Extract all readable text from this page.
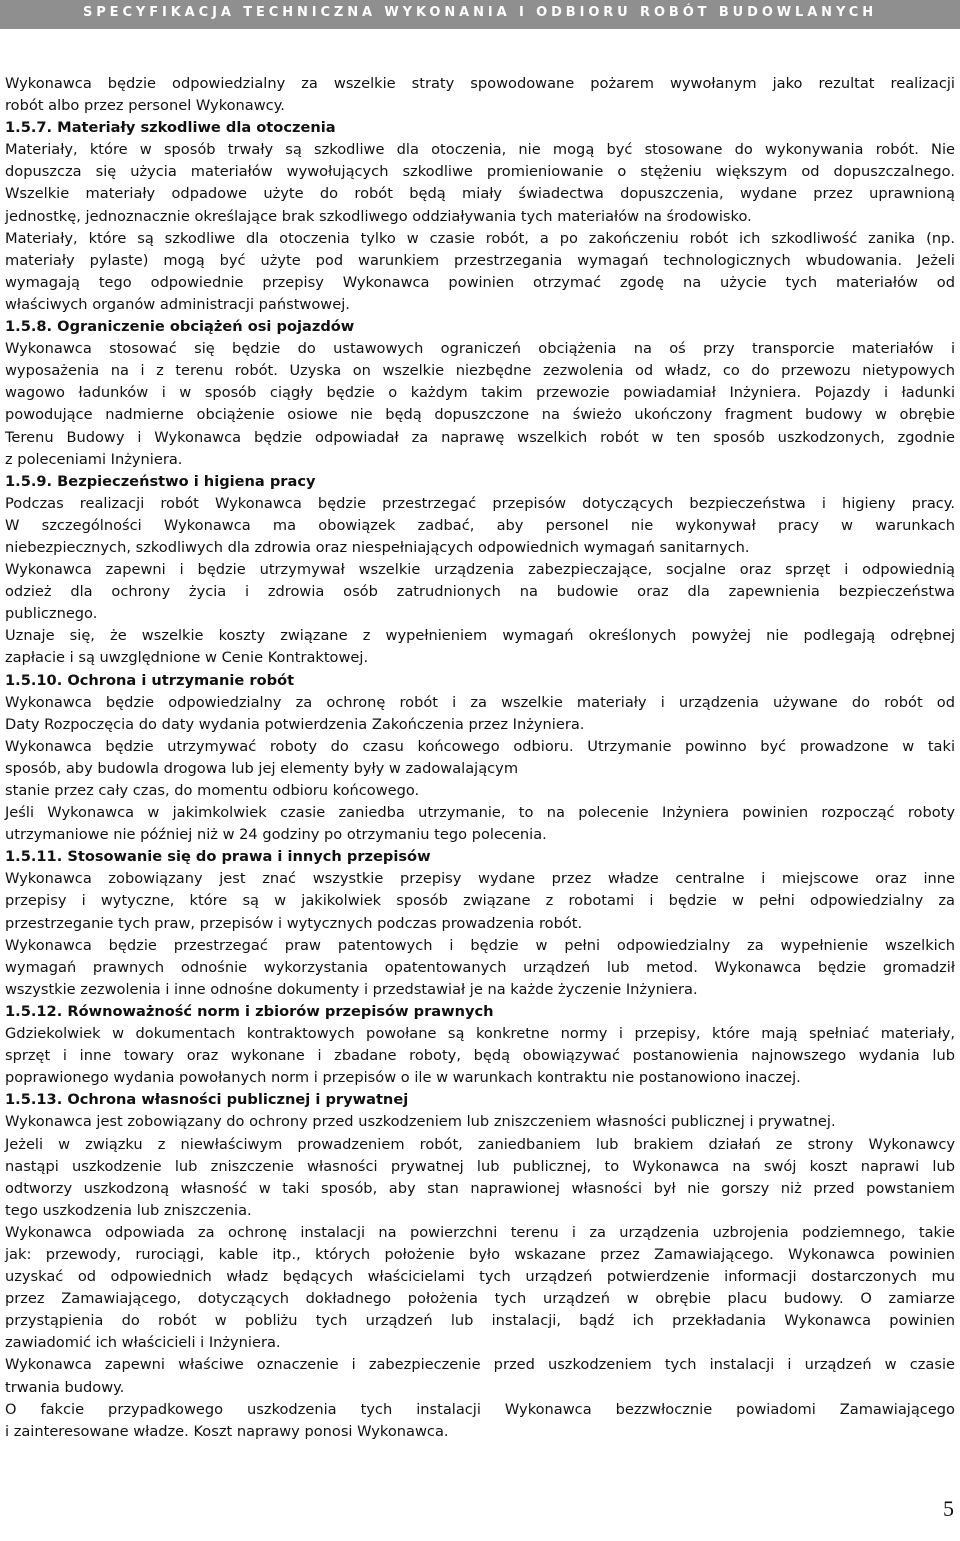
SPECYFIKACJA TECHNICZNA WYKONANIA I ODBIORU ROBÓT BUDOWLANYCH
Wykonawca będzie odpowiedzialny za wszelkie straty spowodowane pożarem wywołanym jako rezultat realizacji
robót albo przez personel Wykonawcy.
1.5.7. Materiały szkodliwe dla otoczenia
Materiały, które w sposób trwały są szkodliwe dla otoczenia, nie mogą być stosowane do wykonywania robót. Nie
dopuszcza się użycia materiałów wywołujących szkodliwe promieniowanie o stężeniu większym od dopuszczalnego.
Wszelkie materiały odpadowe użyte do robót będą miały świadectwa dopuszczenia, wydane przez uprawnioną
jednostkę, jednoznacznie określające brak szkodliwego oddziaływania tych materiałów na środowisko.
Materiały, które są szkodliwe dla otoczenia tylko w czasie robót, a po zakończeniu robót ich szkodliwość zanika (np.
materiały pylaste) mogą być użyte pod warunkiem przestrzegania wymagań technologicznych wbudowania. Jeżeli
wymagają tego odpowiednie przepisy Wykonawca powinien otrzymać zgodę na użycie tych materiałów od
właściwych organów administracji państwowej.
1.5.8. Ograniczenie obciążeń osi pojazdów
Wykonawca stosować się będzie do ustawowych ograniczeń obciążenia na oś przy transporcie materiałów i
wyposażenia na i z terenu robót. Uzyska on wszelkie niezbędne zezwolenia od władz, co do przewozu nietypowych
wagowo ładunków i w sposób ciągły będzie o każdym takim przewozie powiadamiał Inżyniera. Pojazdy i ładunki
powodujące nadmierne obciążenie osiowe nie będą dopuszczone na świeżo ukończony fragment budowy w obrębie
Terenu Budowy i Wykonawca będzie odpowiadał za naprawę wszelkich robót w ten sposób uszkodzonych, zgodnie
z poleceniami Inżyniera.
1.5.9. Bezpieczeństwo i higiena pracy
Podczas realizacji robót Wykonawca będzie przestrzegać przepisów dotyczących bezpieczeństwa i higieny pracy.
W szczególności Wykonawca ma obowiązek zadbać, aby personel nie wykonywał pracy w warunkach
niebezpiecznych, szkodliwych dla zdrowia oraz niespełniających odpowiednich wymagań sanitarnych.
Wykonawca zapewni i będzie utrzymywał wszelkie urządzenia zabezpieczające, socjalne oraz sprzęt i odpowiednią
odzież dla ochrony życia i zdrowia osób zatrudnionych na budowie oraz dla zapewnienia bezpieczeństwa
publicznego.
Uznaje się, że wszelkie koszty związane z wypełnieniem wymagań określonych powyżej nie podlegają odrębnej
zapłacie i są uwzględnione w Cenie Kontraktowej.
1.5.10. Ochrona i utrzymanie robót
Wykonawca będzie odpowiedzialny za ochronę robót i za wszelkie materiały i urządzenia używane do robót od
Daty Rozpoczęcia do daty wydania potwierdzenia Zakończenia przez Inżyniera.
Wykonawca będzie utrzymywać roboty do czasu końcowego odbioru. Utrzymanie powinno być prowadzone w taki
sposób, aby budowla drogowa lub jej elementy były w zadowalającym
stanie przez cały czas, do momentu odbioru końcowego.
Jeśli Wykonawca w jakimkolwiek czasie zaniedba utrzymanie, to na polecenie Inżyniera powinien rozpocząć roboty
utrzymaniowe nie później niż w 24 godziny po otrzymaniu tego polecenia.
1.5.11. Stosowanie się do prawa i innych przepisów
Wykonawca zobowiązany jest znać wszystkie przepisy wydane przez władze centralne i miejscowe oraz inne
przepisy i wytyczne, które są w jakikolwiek sposób związane z robotami i będzie w pełni odpowiedzialny za
przestrzeganie tych praw, przepisów i wytycznych podczas prowadzenia robót.
Wykonawca będzie przestrzegać praw patentowych i będzie w pełni odpowiedzialny za wypełnienie wszelkich
wymagań prawnych odnośnie wykorzystania opatentowanych urządzeń lub metod. Wykonawca będzie gromadził
wszystkie zezwolenia i inne odnośne dokumenty i przedstawiał je na każde życzenie Inżyniera.
1.5.12. Równoważność norm i zbiorów przepisów prawnych
Gdziekolwiek w dokumentach kontraktowych powołane są konkretne normy i przepisy, które mają spełniać materiały,
sprzęt i inne towary oraz wykonane i zbadane roboty, będą obowiązywać postanowienia najnowszego wydania lub
poprawionego wydania powołanych norm i przepisów o ile w warunkach kontraktu nie postanowiono inaczej.
1.5.13. Ochrona własności publicznej i prywatnej
Wykonawca jest zobowiązany do ochrony przed uszkodzeniem lub zniszczeniem własności publicznej i prywatnej.
Jeżeli w związku z niewłaściwym prowadzeniem robót, zaniedbaniem lub brakiem działań ze strony Wykonawcy
nastąpi uszkodzenie lub zniszczenie własności prywatnej lub publicznej, to Wykonawca na swój koszt naprawi lub
odtworzy uszkodzoną własność w taki sposób, aby stan naprawionej własności był nie gorszy niż przed powstaniem
tego uszkodzenia lub zniszczenia.
Wykonawca odpowiada za ochronę instalacji na powierzchni terenu i za urządzenia uzbrojenia podziemnego, takie
jak: przewody, rurociągi, kable itp., których położenie było wskazane przez Zamawiającego. Wykonawca powinien
uzyskać od odpowiednich władz będących właścicielami tych urządzeń potwierdzenie informacji dostarczonych mu
przez Zamawiającego, dotyczących dokładnego położenia tych urządzeń w obrębie placu budowy. O zamiarze
przystąpienia do robót w pobliżu tych urządzeń lub instalacji, bądź ich przekładania Wykonawca powinien
zawiadomić ich właścicieli i Inżyniera.
Wykonawca zapewni właściwe oznaczenie i zabezpieczenie przed uszkodzeniem tych instalacji i urządzeń w czasie
trwania budowy.
O fakcie przypadkowego uszkodzenia tych instalacji Wykonawca bezzwłocznie powiadomi Zamawiającego
i zainteresowane władze. Koszt naprawy ponosi Wykonawca.
5
